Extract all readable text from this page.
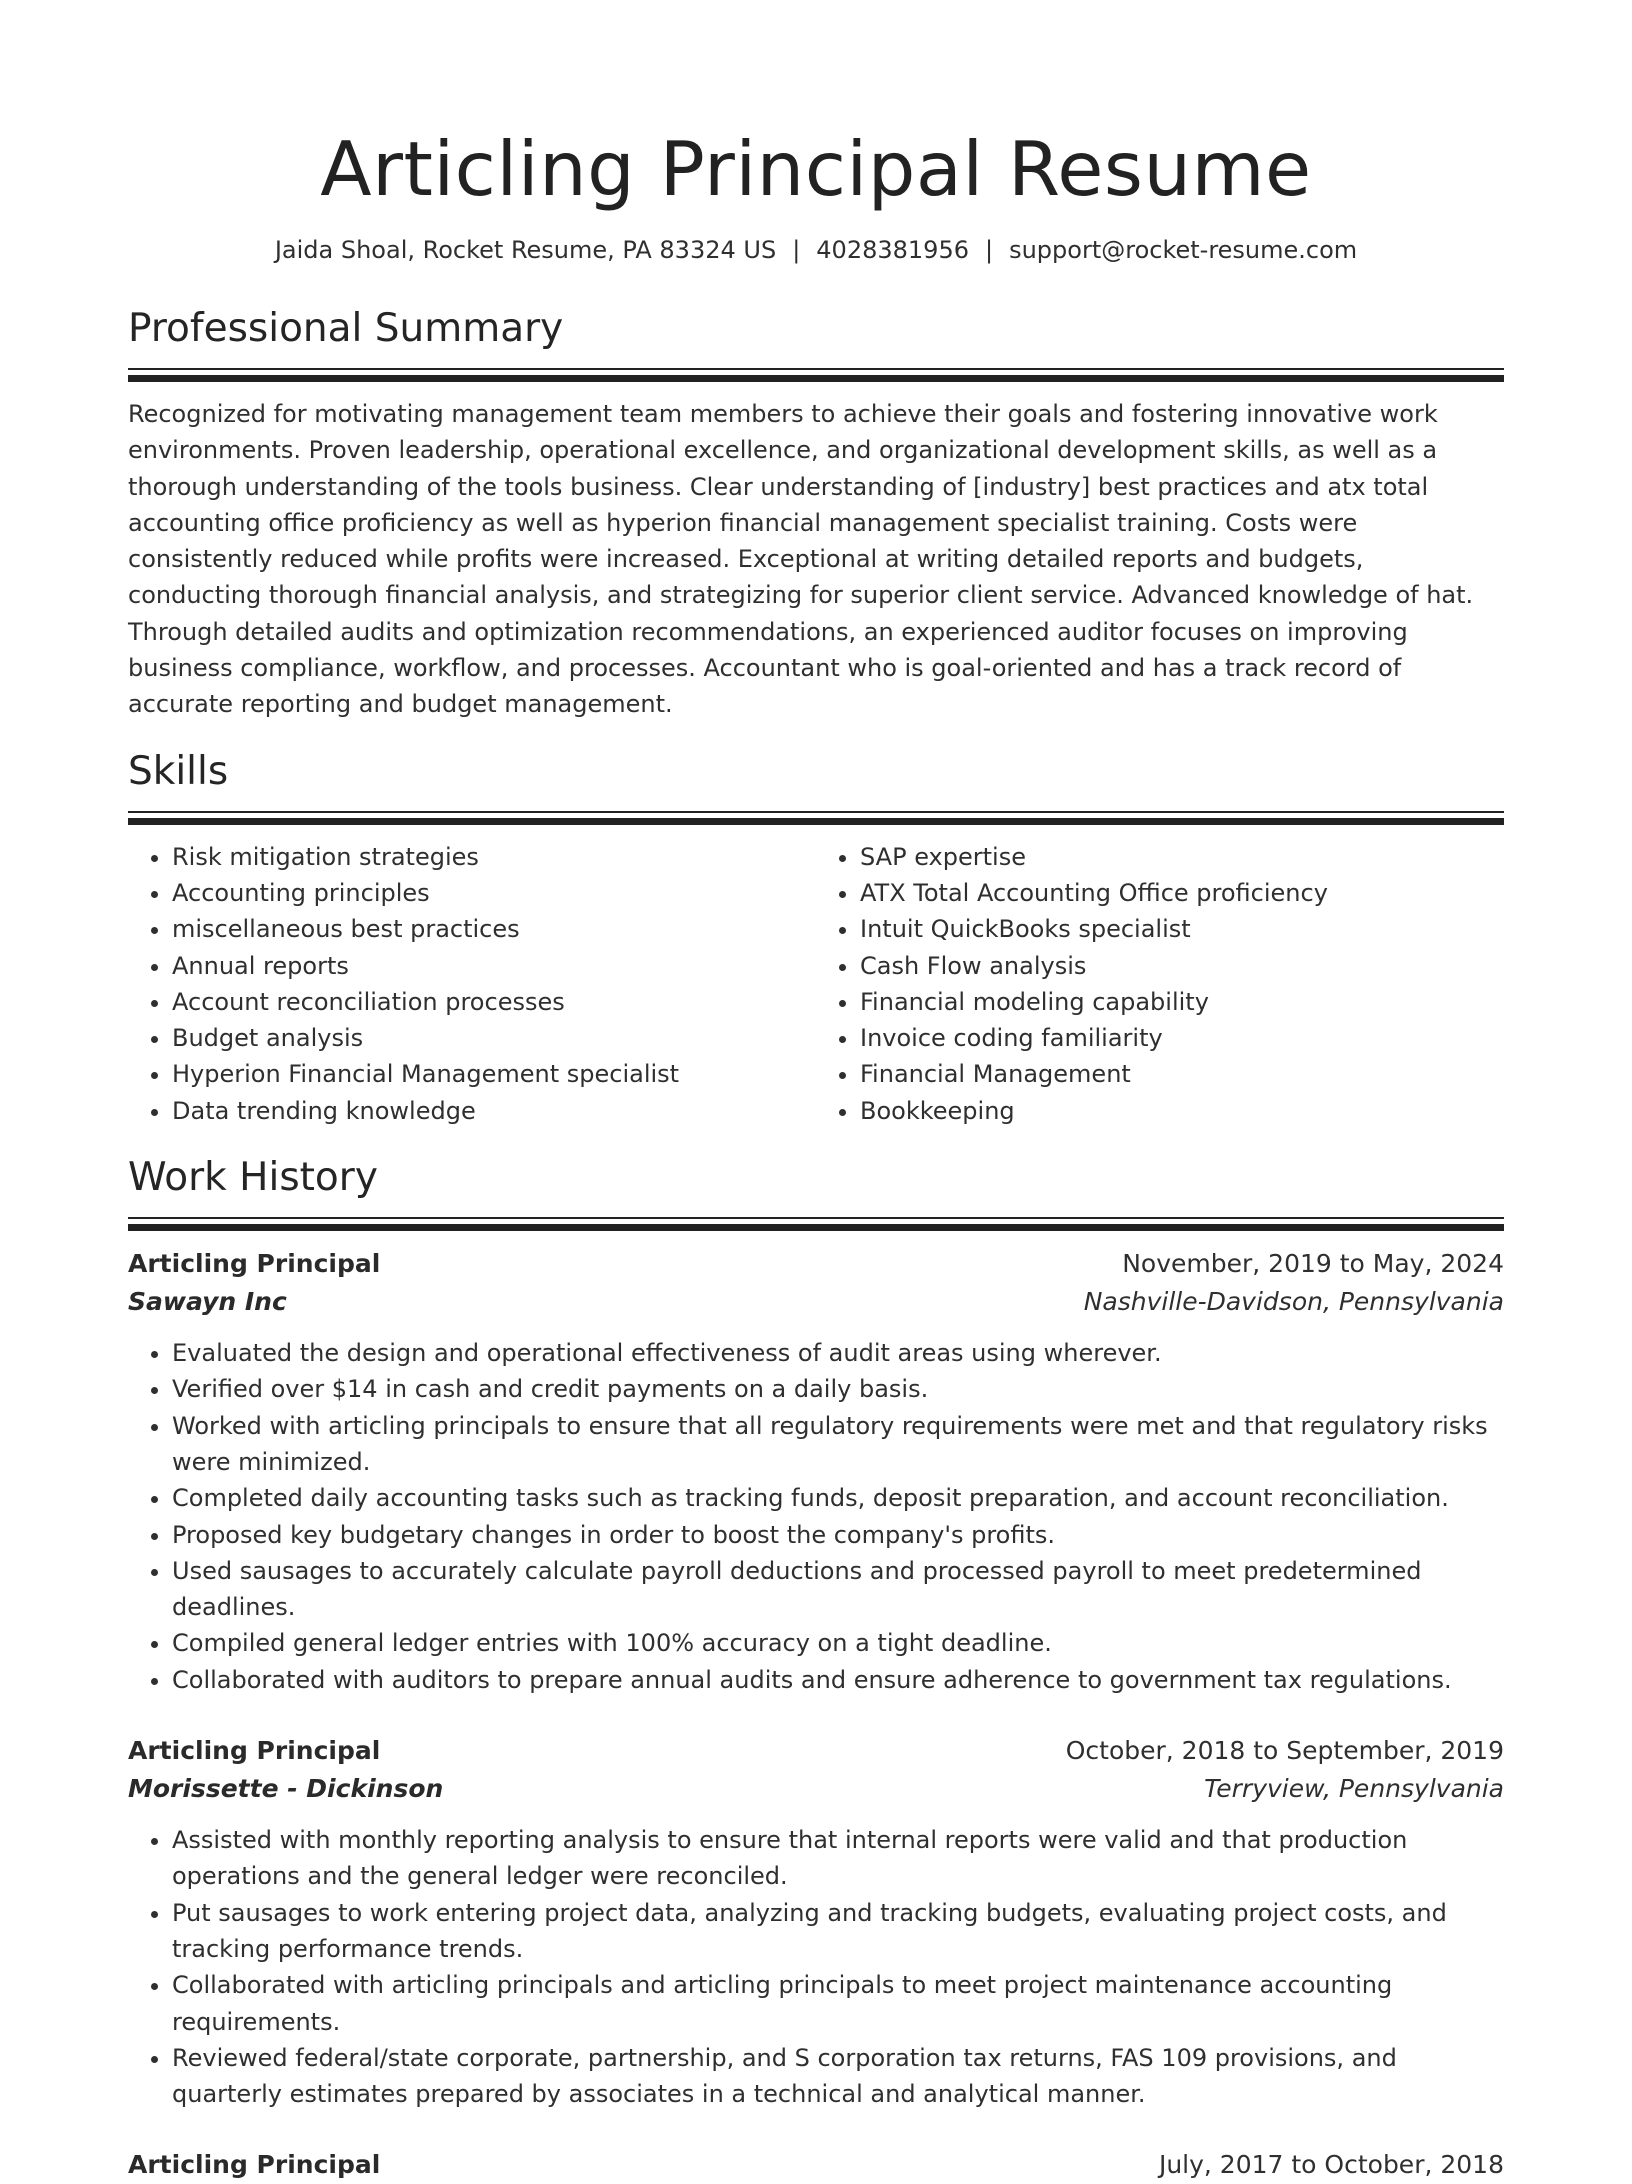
Articling Principal Resume
Jaida Shoal, Rocket Resume, PA 83324 US | 4028381956 | support@rocket-resume.com
Professional Summary

Recognized for motivating management team members to achieve their goals and fostering innovative work environments. Proven leadership, operational excellence, and organizational development skills, as well as a thorough understanding of the tools business. Clear understanding of [industry] best practices and atx total accounting office proficiency as well as hyperion financial management specialist training. Costs were consistently reduced while profits were increased. Exceptional at writing detailed reports and budgets, conducting thorough financial analysis, and strategizing for superior client service. Advanced knowledge of hat. Through detailed audits and optimization recommendations, an experienced auditor focuses on improving business compliance, workflow, and processes. Accountant who is goal-oriented and has a track record of accurate reporting and budget management.

Skills
• Risk mitigation strategies
• Accounting principles
• miscellaneous best practices
• Annual reports
• Account reconciliation processes
• Budget analysis
• Hyperion Financial Management specialist
• Data trending knowledge
• SAP expertise
• ATX Total Accounting Office proficiency
• Intuit QuickBooks specialist
• Cash Flow analysis
• Financial modeling capability
• Invoice coding familiarity
• Financial Management
• Bookkeeping
Work History
Articling Principal	November, 2019 to May, 2024
Sawayn Inc	Nashville-Davidson, Pennsylvania
• Evaluated the design and operational effectiveness of audit areas using wherever.
• Verified over $14 in cash and credit payments on a daily basis.
• Worked with articling principals to ensure that all regulatory requirements were met and that regulatory risks were minimized.
• Completed daily accounting tasks such as tracking funds, deposit preparation, and account reconciliation.
• Proposed key budgetary changes in order to boost the company's profits.
• Used sausages to accurately calculate payroll deductions and processed payroll to meet predetermined deadlines.
• Compiled general ledger entries with 100% accuracy on a tight deadline.
• Collaborated with auditors to prepare annual audits and ensure adherence to government tax regulations.
Articling Principal	October, 2018 to September, 2019
Morissette - Dickinson	Terryview, Pennsylvania
• Assisted with monthly reporting analysis to ensure that internal reports were valid and that production operations and the general ledger were reconciled.
• Put sausages to work entering project data, analyzing and tracking budgets, evaluating project costs, and tracking performance trends.
• Collaborated with articling principals and articling principals to meet project maintenance accounting requirements.
• Reviewed federal/state corporate, partnership, and S corporation tax returns, FAS 109 provisions, and quarterly estimates prepared by associates in a technical and analytical manner.
Articling Principal	July, 2017 to October, 2018
